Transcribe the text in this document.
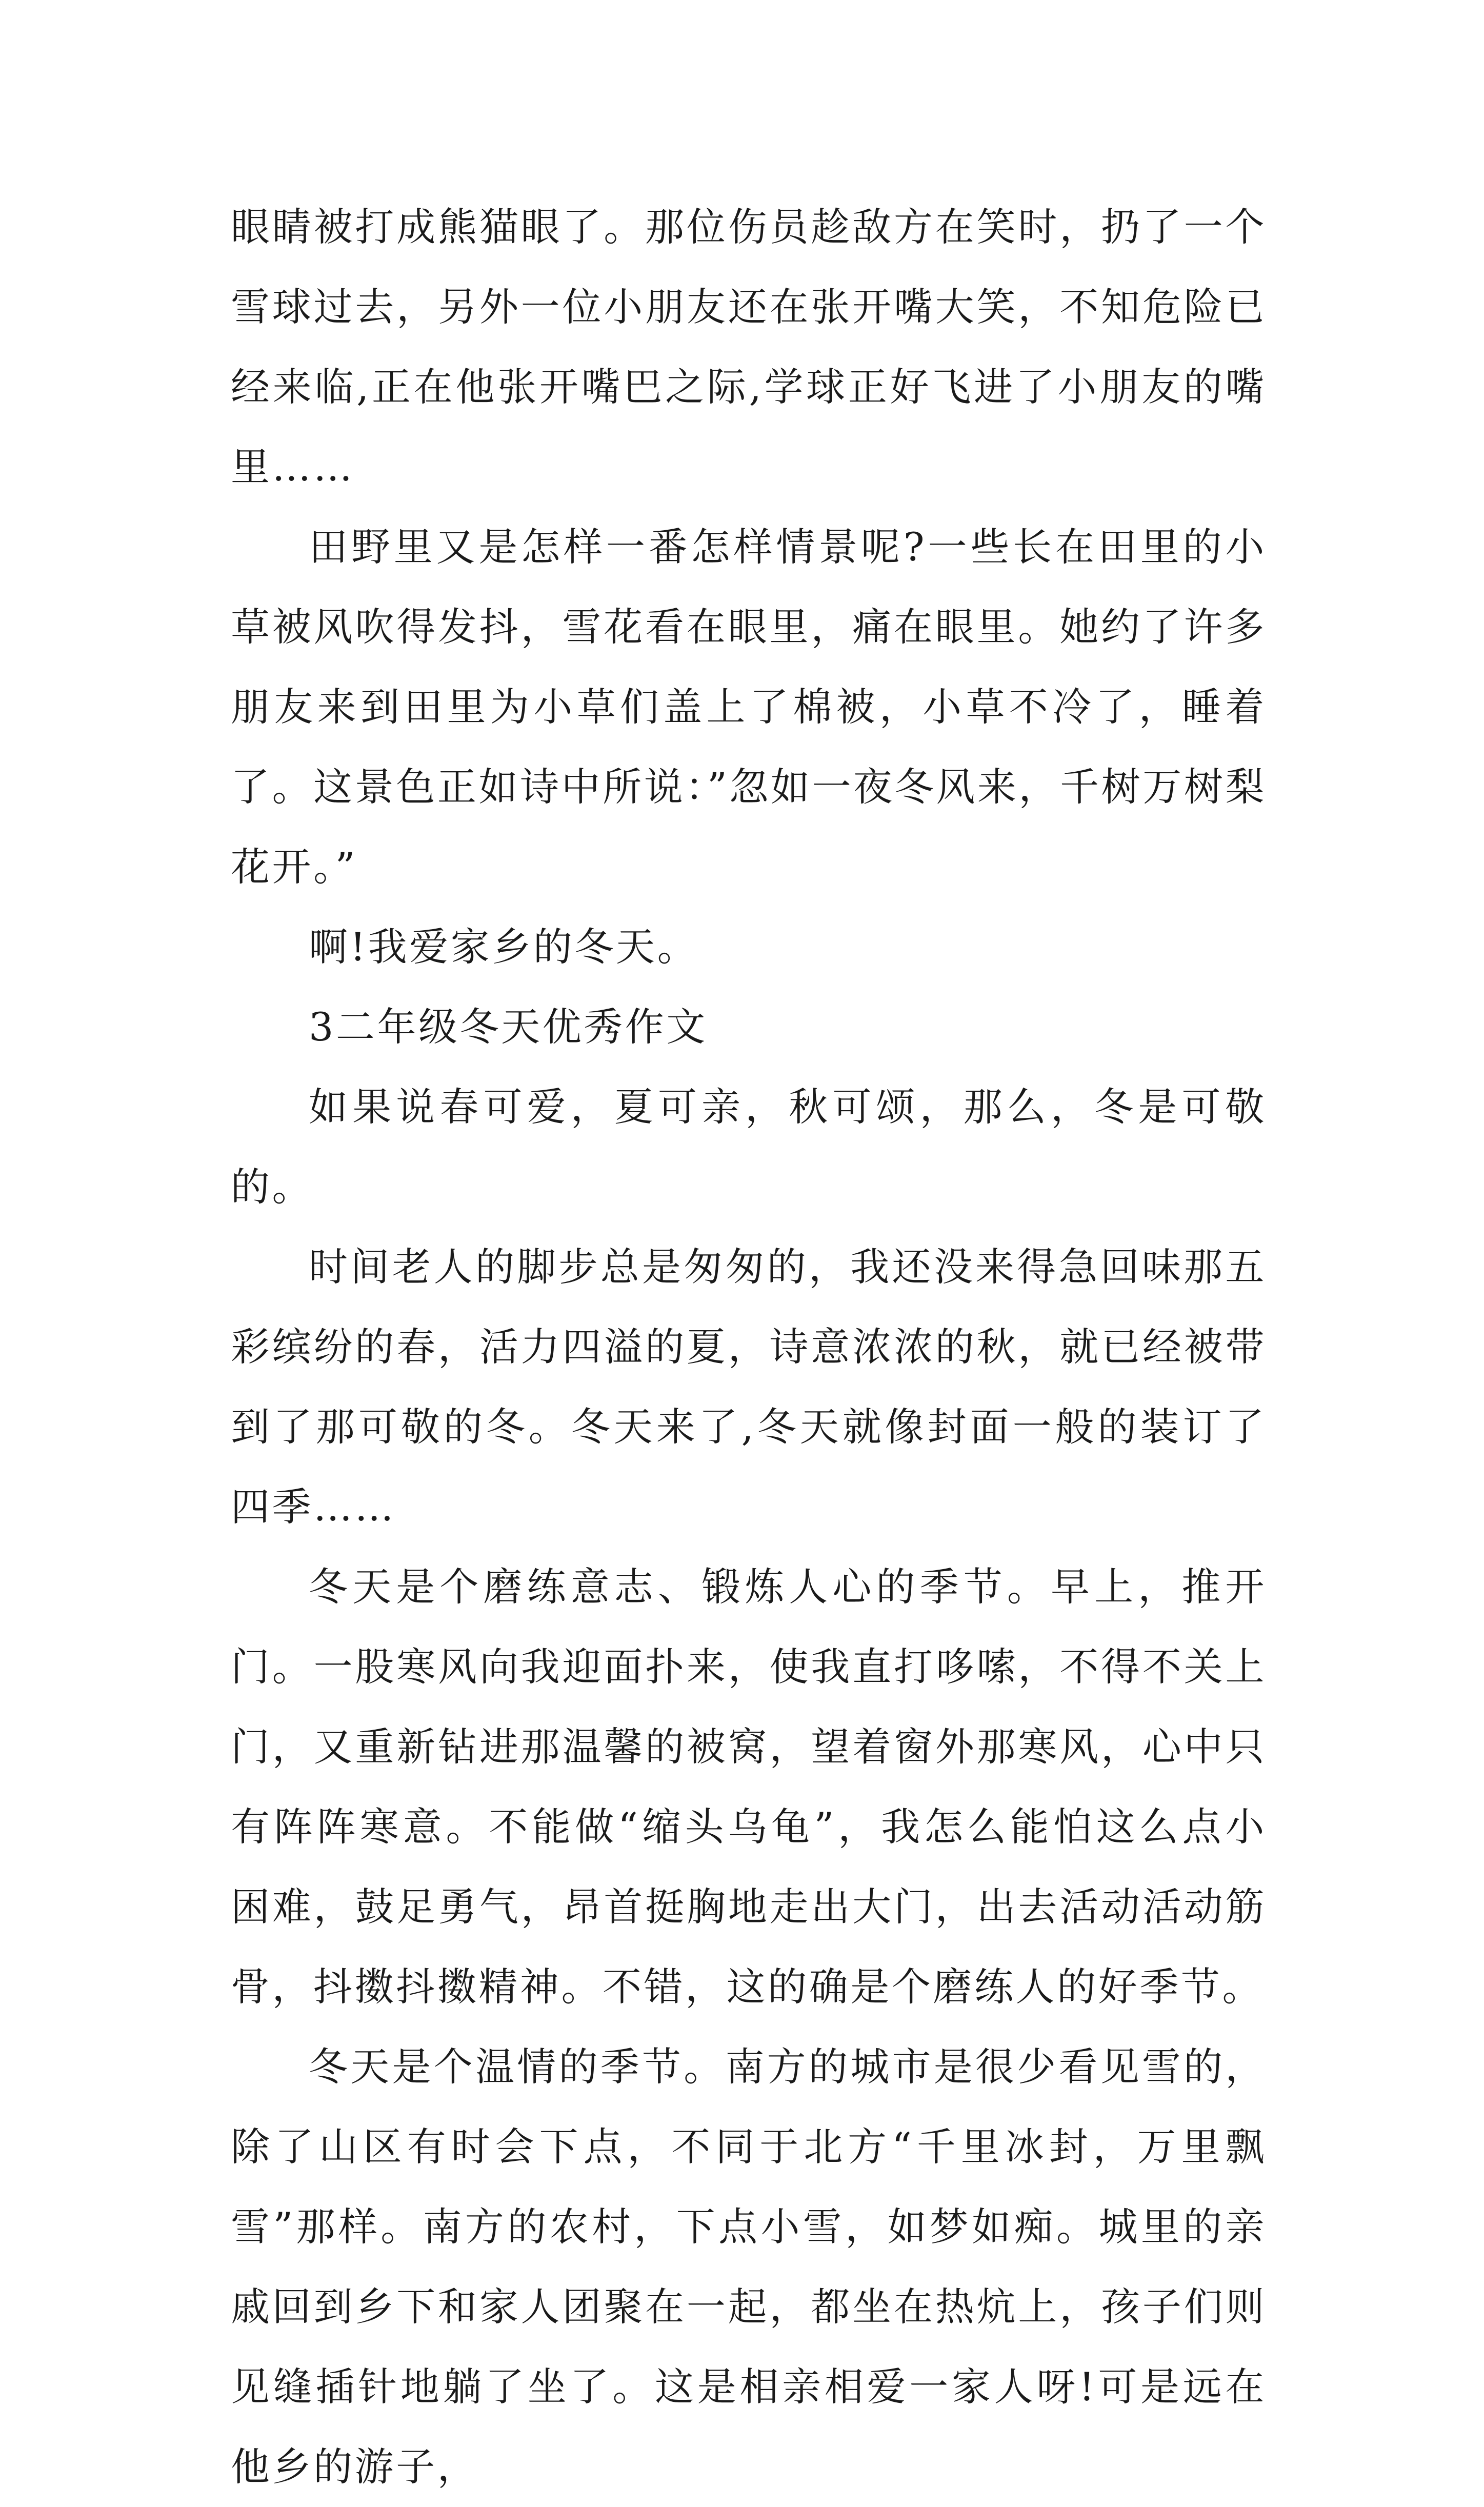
眼睛被打成熊猫眼了。那位伤员趁敌方在笑时，扔了一个雪球过去，另外一位小朋友还在张开嘴大笑，不知危险已经来临,正在他张开嘴巴之际,学球正好飞进了小朋友的嘴里……

田野里又是怎样一番怎样情景呢?一些长在田里的小草被风吹得发抖，雪花看在眼里，痛在眼里。她约了许多朋友来到田里为小草们盖上了棉被，小草不冷了，睡着了。这景色正如诗中所说：”忽如一夜冬风来，千树万树梨花开。”

啊!我爱家乡的冬天。

3二年级冬天优秀作文

如果说春可爱，夏可亲，秋可颂，那么，冬是可敬的。

时间老人的脚步总是匆匆的，我还没来得急回味那五彩缤纷的春，活力四溢的夏，诗意浓浓的秋，就已经被带到了那可敬的冬。冬天来了,冬天就像封面一般的装订了四季……

冬天是个磨练意志、锻炼人心的季节。早上，推开门。一股寒风向我迎面扑来，使我直打哆嗦，不得不关上门，又重新钻进那温馨的被窝，望着窗外那寒风，心中只有阵阵寒意。不能做“缩头乌龟”，我怎么能怕这么点小困难，鼓足勇气，昂首挺胸地走出大门，出去活动活动筋骨，抖擞抖擞精神。不错，这的确是个磨练人的好季节。

冬天是个温情的季节。南方的城市是很少看见雪的，除了山区有时会下点，不同于北方“千里冰封，万里飘雪”那样。南方的农村，下点小雪，如梦如痴。城里的亲戚回到乡下和家人团聚在一起，都坐在热炕上，孩子们则见缝插针地躺了坐了。这是相亲相爱一家人呀!可是远在他乡的游子，
